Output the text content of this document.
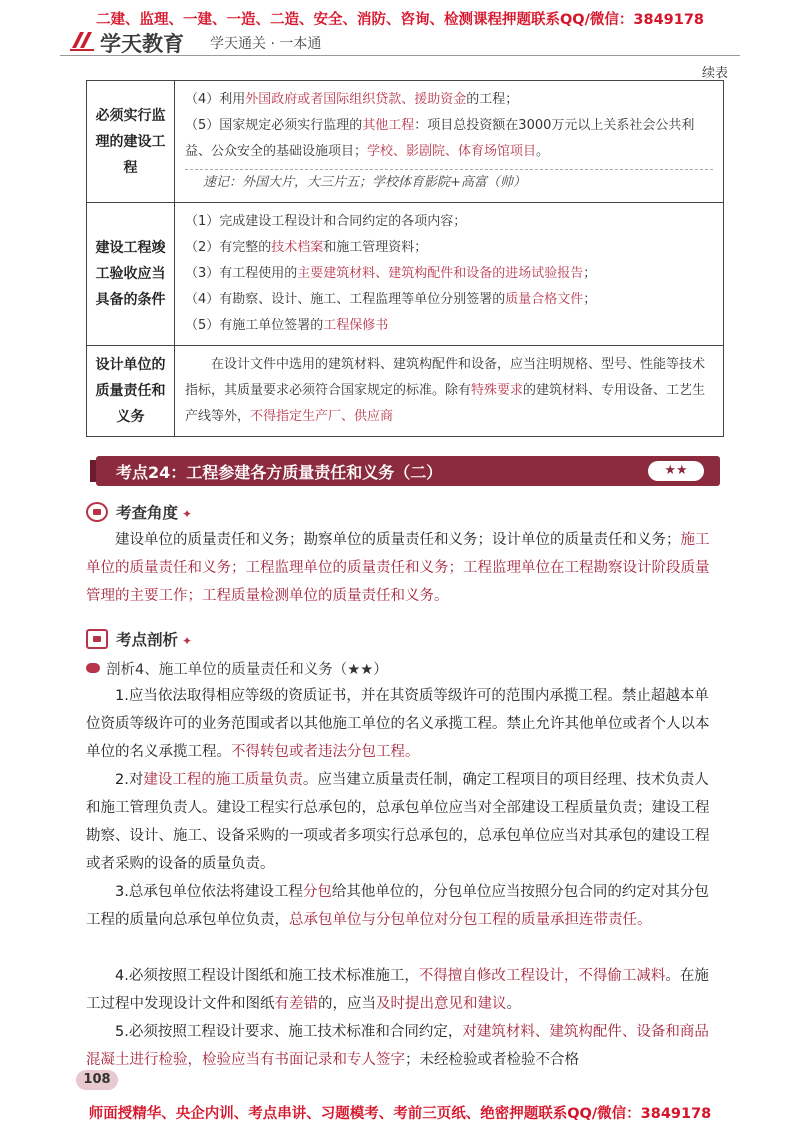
二建、监理、一建、一造、二造、安全、消防、咨询、检测课程押题联系QQ/微信：3849178
学天教育 学天通关 · 一本通
续表
必须实行监理的建设工程	（4）利用外国政府或者国际组织贷款、援助资金的工程；
（5）国家规定必须实行监理的其他工程：项目总投资额在3000万元以上关系社会公共利益、公众安全的基础设施项目；学校、影剧院、体育场馆项目。
速记：外国大片，大三片五；学校体育影院+高富（帅）

建设工程竣工验收应当具备的条件	（1）完成建设工程设计和合同约定的各项内容；
（2）有完整的技术档案和施工管理资料；
（3）有工程使用的主要建筑材料、建筑构配件和设备的进场试验报告；
（4）有勘察、设计、施工、工程监理等单位分别签署的质量合格文件；
（5）有施工单位签署的工程保修书

设计单位的质量责任和义务	在设计文件中选用的建筑材料、建筑构配件和设备，应当注明规格、型号、性能等技术指标，其质量要求必须符合国家规定的标准。除有特殊要求的建筑材料、专用设备、工艺生产线等外，不得指定生产厂、供应商
考点24：工程参建各方质量责任和义务（二）	★★
考查角度 ✦
建设单位的质量责任和义务；勘察单位的质量责任和义务；设计单位的质量责任和义务；施工单位的质量责任和义务；工程监理单位的质量责任和义务；工程监理单位在工程勘察设计阶段质量管理的主要工作；工程质量检测单位的质量责任和义务。
考点剖析 ✦
剖析4、施工单位的质量责任和义务（★★）
1.应当依法取得相应等级的资质证书，并在其资质等级许可的范围内承揽工程。禁止超越本单位资质等级许可的业务范围或者以其他施工单位的名义承揽工程。禁止允许其他单位或者个人以本单位的名义承揽工程。不得转包或者违法分包工程。
2.对建设工程的施工质量负责。应当建立质量责任制，确定工程项目的项目经理、技术负责人和施工管理负责人。建设工程实行总承包的，总承包单位应当对全部建设工程质量负责；建设工程勘察、设计、施工、设备采购的一项或者多项实行总承包的，总承包单位应当对其承包的建设工程或者采购的设备的质量负责。
3.总承包单位依法将建设工程分包给其他单位的，分包单位应当按照分包合同的约定对其分包工程的质量向总承包单位负责，总承包单位与分包单位对分包工程的质量承担连带责任。
4.必须按照工程设计图纸和施工技术标准施工，不得擅自修改工程设计，不得偷工减料。在施工过程中发现设计文件和图纸有差错的，应当及时提出意见和建议。
5.必须按照工程设计要求、施工技术标准和合同约定，对建筑材料、建筑构配件、设备和商品混凝土进行检验，检验应当有书面记录和专人签字；未经检验或者检验不合格
108
师面授精华、央企内训、考点串讲、习题模考、考前三页纸、绝密押题联系QQ/微信：3849178
